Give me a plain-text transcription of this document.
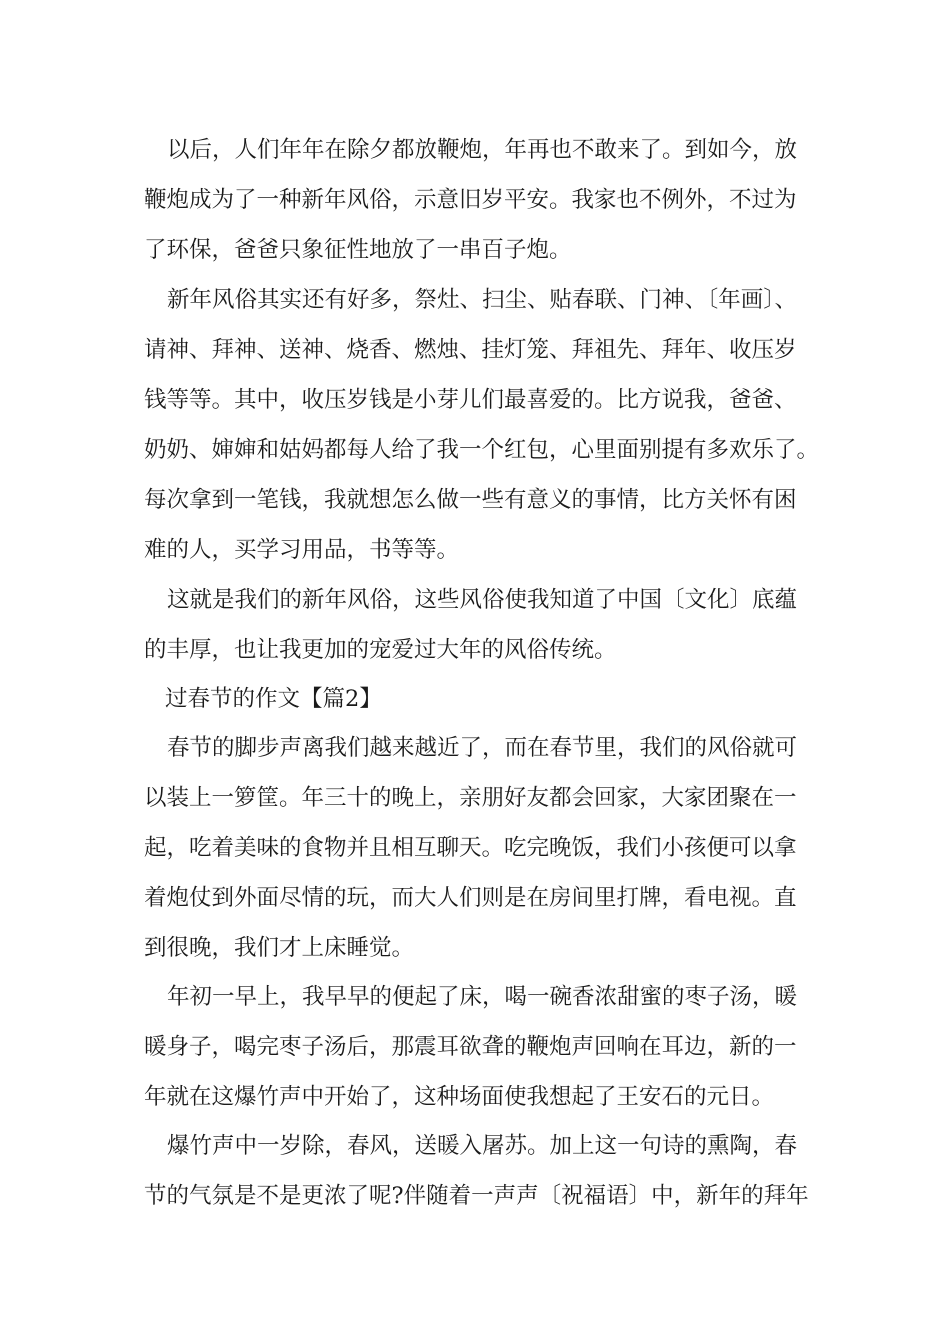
以后，人们年年在除夕都放鞭炮，年再也不敢来了。到如今，放

鞭炮成为了一种新年风俗，示意旧岁平安。我家也不例外，不过为

了环保，爸爸只象征性地放了一串百子炮。

新年风俗其实还有好多，祭灶、扫尘、贴春联、门神、〔年画〕、

请神、拜神、送神、烧香、燃烛、挂灯笼、拜祖先、拜年、收压岁

钱等等。其中，收压岁钱是小芽儿们最喜爱的。比方说我，爸爸、

奶奶、婶婶和姑妈都每人给了我一个红包，心里面别提有多欢乐了。

每次拿到一笔钱，我就想怎么做一些有意义的事情，比方关怀有困

难的人，买学习用品，书等等。

这就是我们的新年风俗，这些风俗使我知道了中国〔文化〕底蕴

的丰厚，也让我更加的宠爱过大年的风俗传统。

过春节的作文【篇2】

春节的脚步声离我们越来越近了，而在春节里，我们的风俗就可

以装上一箩筐。年三十的晚上，亲朋好友都会回家，大家团聚在一

起，吃着美味的食物并且相互聊天。吃完晚饭，我们小孩便可以拿

着炮仗到外面尽情的玩，而大人们则是在房间里打牌，看电视。直

到很晚，我们才上床睡觉。

年初一早上，我早早的便起了床，喝一碗香浓甜蜜的枣子汤，暖

暖身子，喝完枣子汤后，那震耳欲聋的鞭炮声回响在耳边，新的一

年就在这爆竹声中开始了，这种场面使我想起了王安石的元日。

爆竹声中一岁除，春风，送暖入屠苏。加上这一句诗的熏陶，春

节的气氛是不是更浓了呢?伴随着一声声〔祝福语〕中，新年的拜年
